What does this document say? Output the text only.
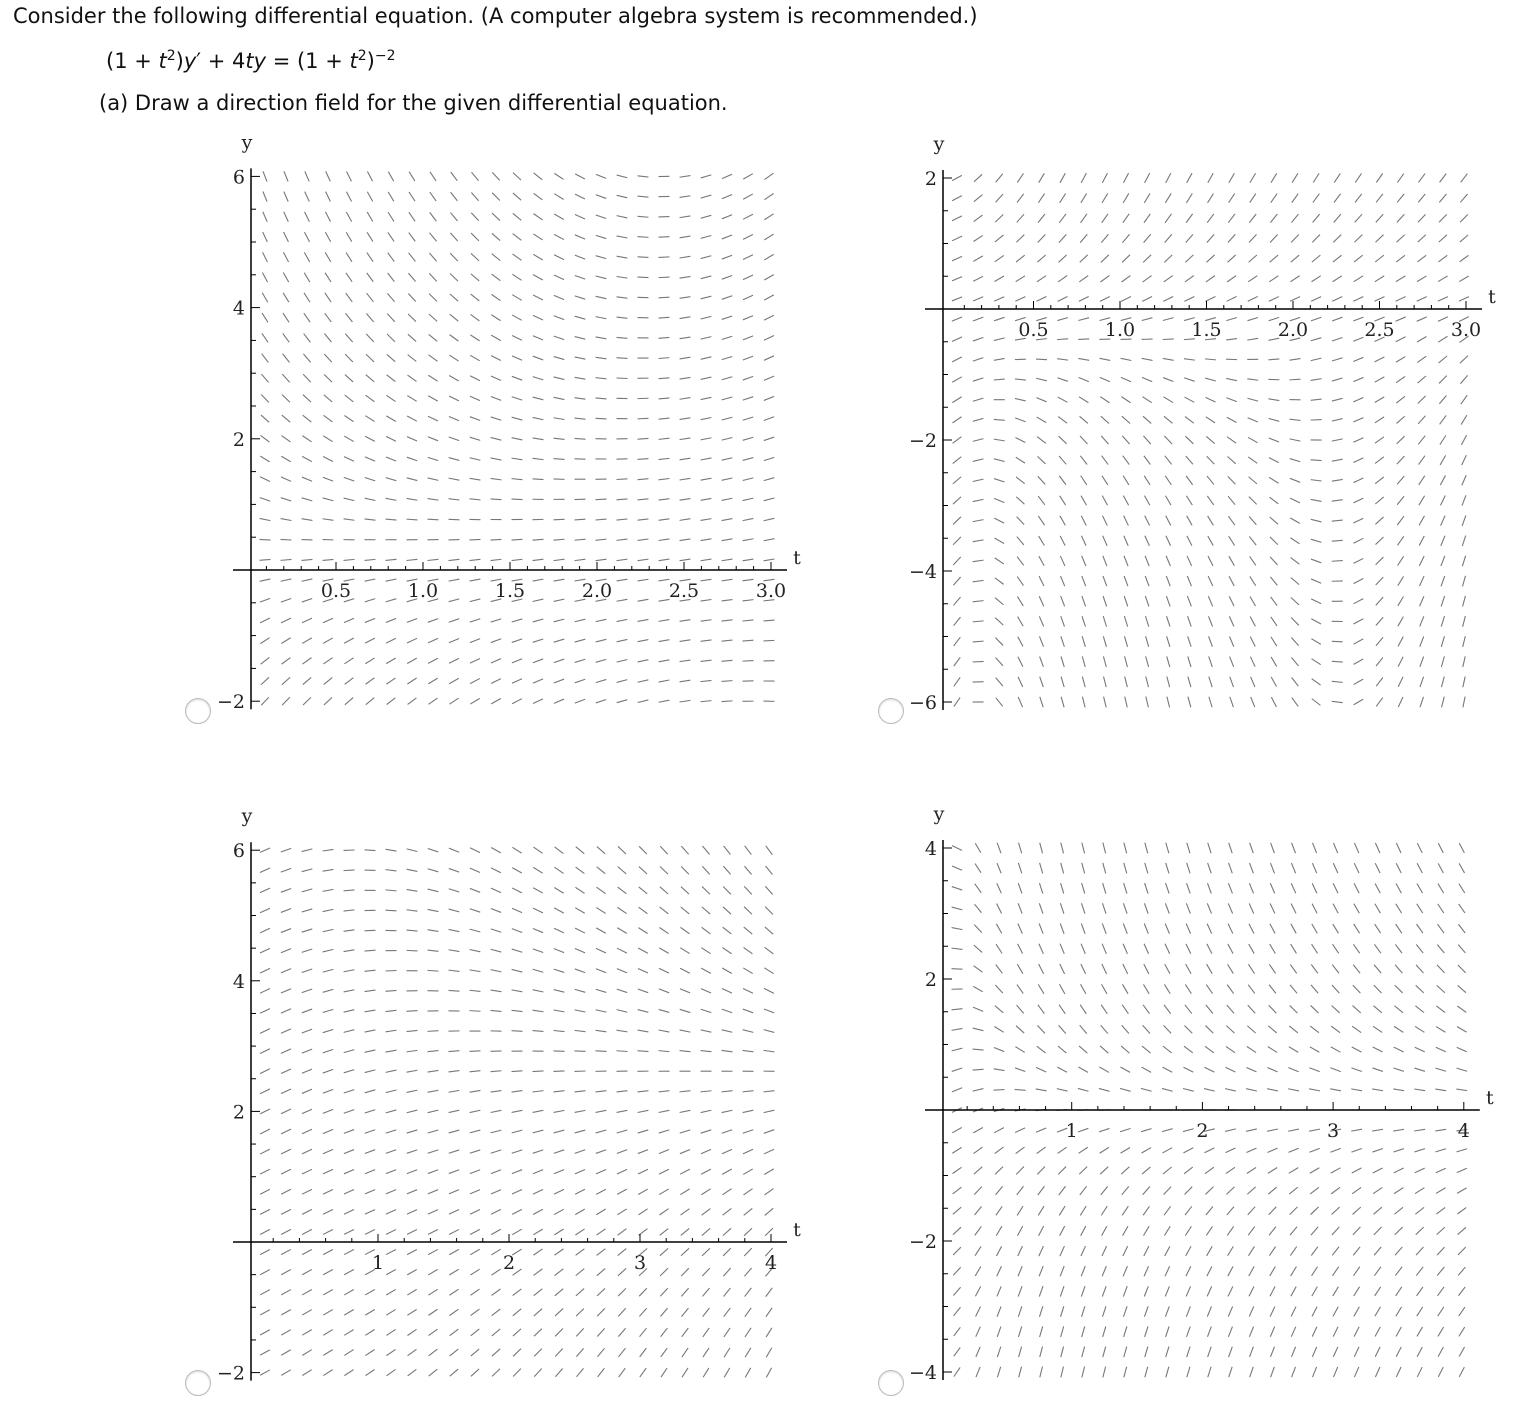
Consider the following differential equation. (A computer algebra system is recommended.)
$(1 + t^2)y' + 4ty = (1 + t^2)^{-2}$
(a) Draw a direction field for the given differential equation.
0.5	1.0	1.5	2.0	2.5	3.0
6
4
2
−2
y
t
0.5	1.0	1.5	2.0	2.5	3.0
2
−2
−4
−6
y
t
1	2	3	4
6
4
2
−2
y
t
1	2	3	4
4
2
−2
−4
y
t
